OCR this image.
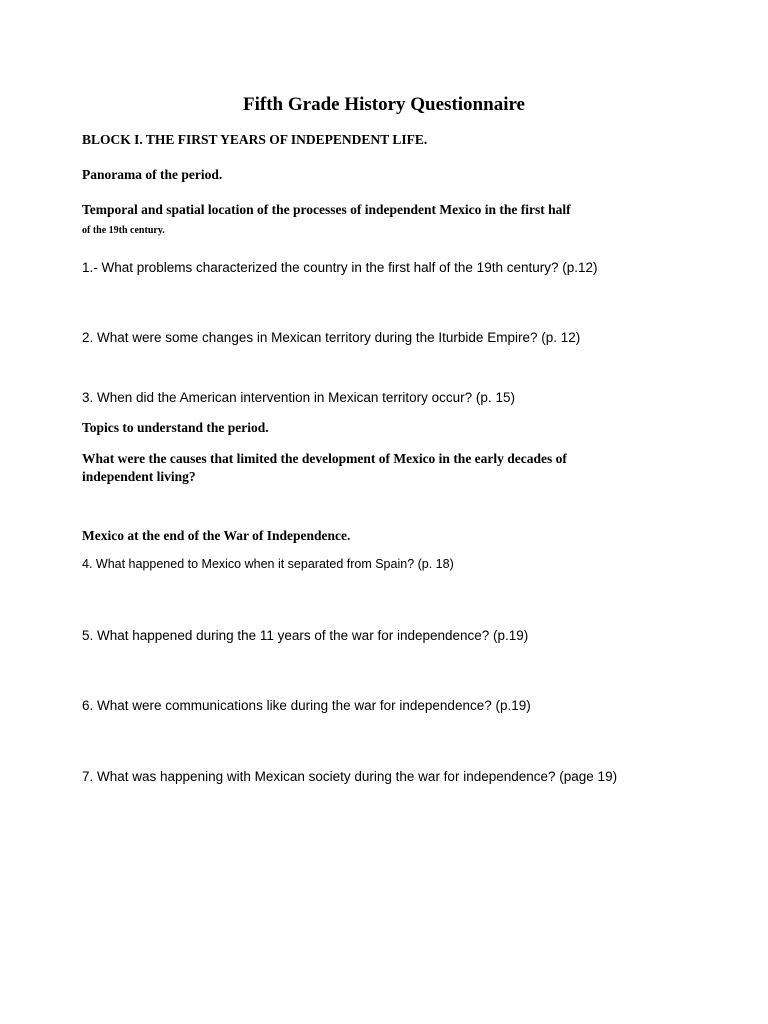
Fifth Grade History Questionnaire

BLOCK I. THE FIRST YEARS OF INDEPENDENT LIFE.

Panorama of the period.

Temporal and spatial location of the processes of independent Mexico in the first half

of the 19th century.

1.- What problems characterized the country in the first half of the 19th century? (p.12)

2. What were some changes in Mexican territory during the Iturbide Empire? (p. 12)

3. When did the American intervention in Mexican territory occur? (p. 15)

Topics to understand the period.

What were the causes that limited the development of Mexico in the early decades of independent living?

Mexico at the end of the War of Independence.

4. What happened to Mexico when it separated from Spain? (p. 18)

5. What happened during the 11 years of the war for independence? (p.19)

6. What were communications like during the war for independence? (p.19)

7. What was happening with Mexican society during the war for independence? (page 19)
